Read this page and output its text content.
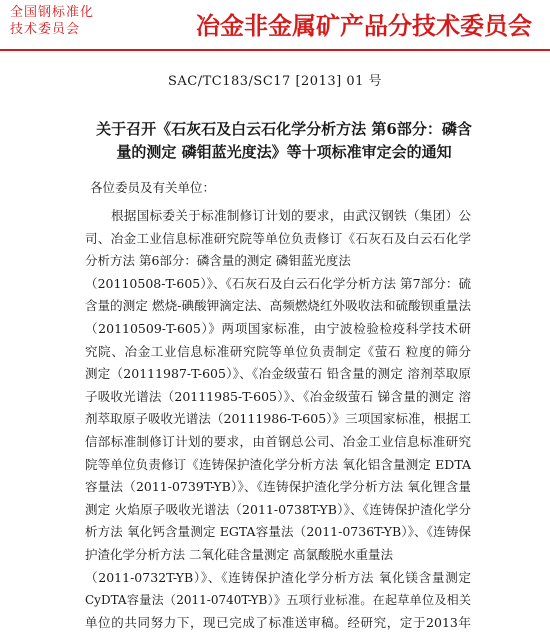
全国钢标准化
技术委员会	冶金非金属矿产品分技术委员会
SAC/TC183/SC17 [2013] 01 号
关于召开《石灰石及白云石化学分析方法 第6部分：磷含
量的测定 磷钼蓝光度法》等十项标准审定会的通知
各位委员及有关单位：
根据国标委关于标准制修订计划的要求，由武汉钢铁（集团）公
司、冶金工业信息标准研究院等单位负责修订《石灰石及白云石化学
分析方法 第6部分：磷含量的测定 磷钼蓝光度法
（20110508-T-605）》、《石灰石及白云石化学分析方法 第7部分：硫
含量的测定 燃烧-碘酸钾滴定法、高频燃烧红外吸收法和硫酸钡重量法
（20110509-T-605）》两项国家标准，由宁波检验检疫科学技术研
究院、冶金工业信息标准研究院等单位负责制定《萤石 粒度的筛分
测定（20111987-T-605）》、《冶金级萤石 铅含量的测定 溶剂萃取原
子吸收光谱法（20111985-T-605）》、《冶金级萤石 锑含量的测定 溶
剂萃取原子吸收光谱法（20111986-T-605）》三项国家标准，根据工
信部标准制修订计划的要求，由首钢总公司、冶金工业信息标准研究
院等单位负责修订《连铸保护渣化学分析方法 氧化铝含量测定 EDTA
容量法（2011-0739T-YB）》、《连铸保护渣化学分析方法 氧化锂含量
测定 火焰原子吸收光谱法（2011-0738T-YB）》、《连铸保护渣化学分
析方法 氧化钙含量测定 EGTA容量法（2011-0736T-YB）》、《连铸保
护渣化学分析方法 二氧化硅含量测定 高氯酸脱水重量法
（2011-0732T-YB）》、《连铸保护渣化学分析方法 氧化镁含量测定
CyDTA容量法（2011-0740T-YB）》五项行业标准。在起草单位及相关
单位的共同努力下，现已完成了标准送审稿。经研究，定于2013年
